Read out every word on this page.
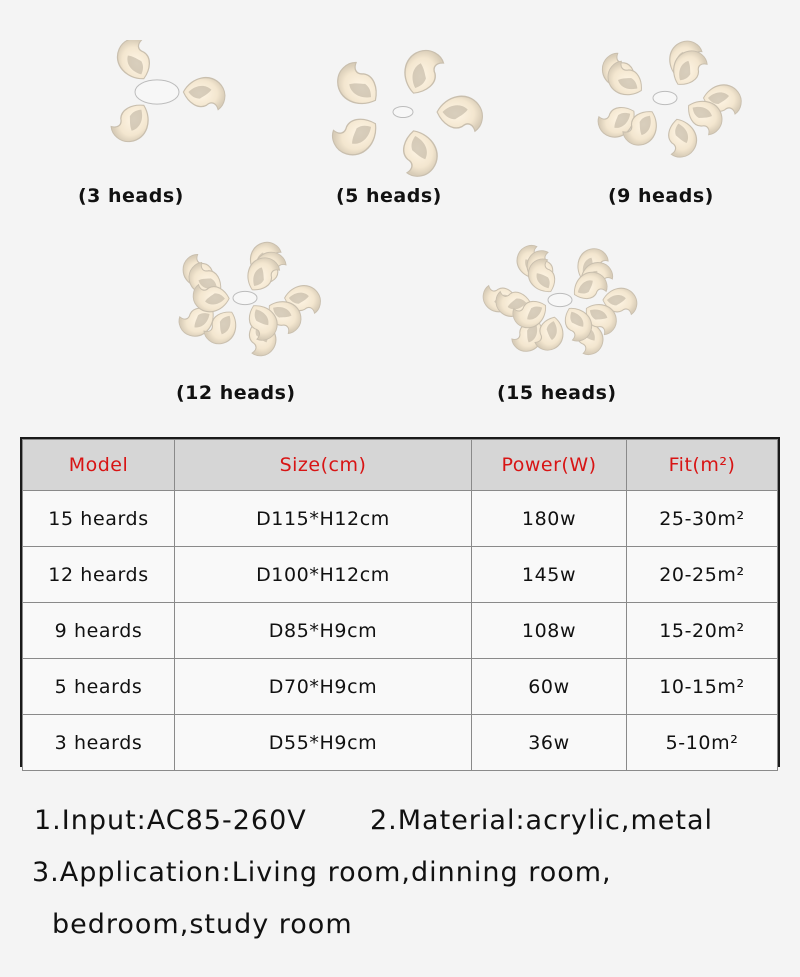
(3 heads)	(5 heads)	(9 heads)
(12 heads)	(15 heads)
Model	Size(cm)	Power(W)	Fit(m²)
15 heards	D115*H12cm	180w	25-30m²
12 heards	D100*H12cm	145w	20-25m²
9 heards	D85*H9cm	108w	15-20m²
5 heards	D70*H9cm	60w	10-15m²
3 heards	D55*H9cm	36w	5-10m²
1.Input:AC85-260V 2.Material:acrylic,metal
3.Application:Living room,dinning room,
bedroom,study room
